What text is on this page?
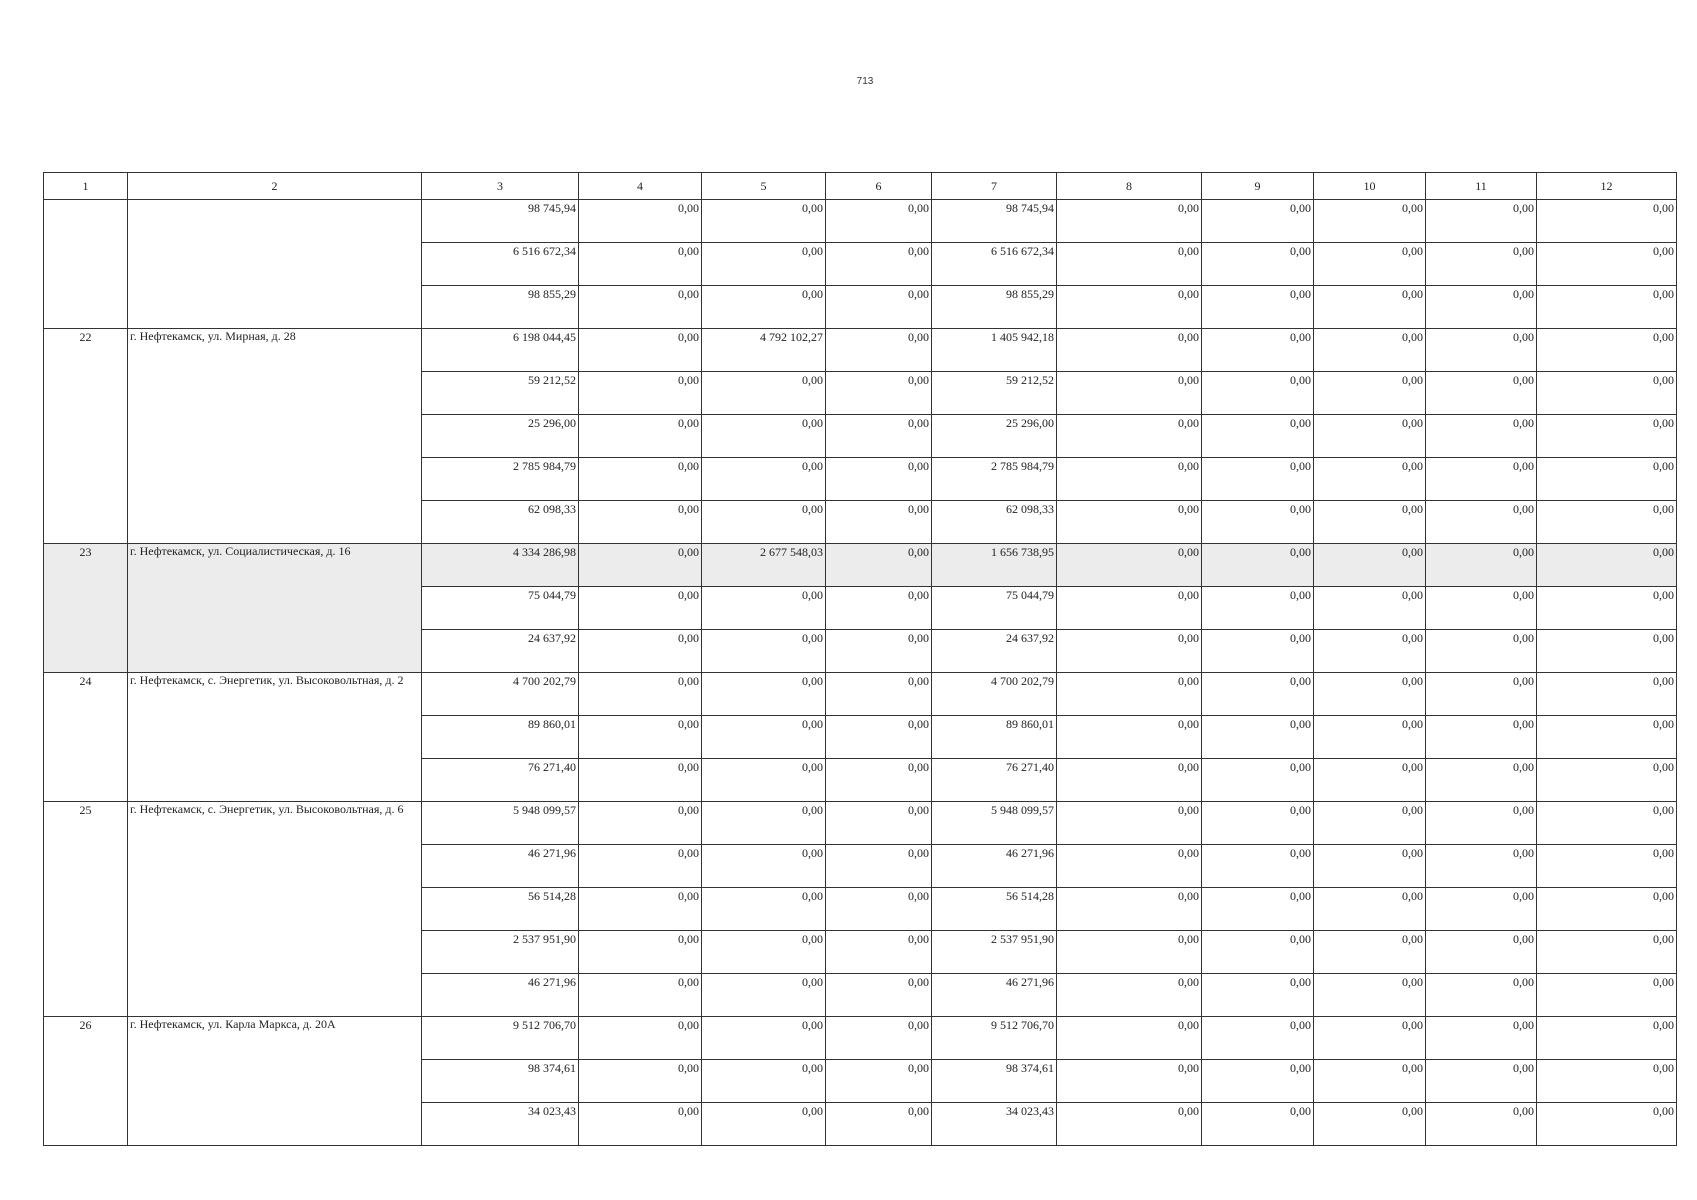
713
1	2	3	4	5	6	7	8	9	10	11	12
		98 745,94	0,00	0,00	0,00	98 745,94	0,00	0,00	0,00	0,00	0,00
		6 516 672,34	0,00	0,00	0,00	6 516 672,34	0,00	0,00	0,00	0,00	0,00
		98 855,29	0,00	0,00	0,00	98 855,29	0,00	0,00	0,00	0,00	0,00
22	г. Нефтекамск, ул. Мирная, д. 28	6 198 044,45	0,00	4 792 102,27	0,00	1 405 942,18	0,00	0,00	0,00	0,00	0,00
		59 212,52	0,00	0,00	0,00	59 212,52	0,00	0,00	0,00	0,00	0,00
		25 296,00	0,00	0,00	0,00	25 296,00	0,00	0,00	0,00	0,00	0,00
		2 785 984,79	0,00	0,00	0,00	2 785 984,79	0,00	0,00	0,00	0,00	0,00
		62 098,33	0,00	0,00	0,00	62 098,33	0,00	0,00	0,00	0,00	0,00
23	г. Нефтекамск, ул. Социалистическая, д. 16	4 334 286,98	0,00	2 677 548,03	0,00	1 656 738,95	0,00	0,00	0,00	0,00	0,00
		75 044,79	0,00	0,00	0,00	75 044,79	0,00	0,00	0,00	0,00	0,00
		24 637,92	0,00	0,00	0,00	24 637,92	0,00	0,00	0,00	0,00	0,00
24	г. Нефтекамск, с. Энергетик, ул. Высоковольтная, д. 2	4 700 202,79	0,00	0,00	0,00	4 700 202,79	0,00	0,00	0,00	0,00	0,00
		89 860,01	0,00	0,00	0,00	89 860,01	0,00	0,00	0,00	0,00	0,00
		76 271,40	0,00	0,00	0,00	76 271,40	0,00	0,00	0,00	0,00	0,00
25	г. Нефтекамск, с. Энергетик, ул. Высоковольтная, д. 6	5 948 099,57	0,00	0,00	0,00	5 948 099,57	0,00	0,00	0,00	0,00	0,00
		46 271,96	0,00	0,00	0,00	46 271,96	0,00	0,00	0,00	0,00	0,00
		56 514,28	0,00	0,00	0,00	56 514,28	0,00	0,00	0,00	0,00	0,00
		2 537 951,90	0,00	0,00	0,00	2 537 951,90	0,00	0,00	0,00	0,00	0,00
		46 271,96	0,00	0,00	0,00	46 271,96	0,00	0,00	0,00	0,00	0,00
26	г. Нефтекамск, ул. Карла Маркса, д. 20А	9 512 706,70	0,00	0,00	0,00	9 512 706,70	0,00	0,00	0,00	0,00	0,00
		98 374,61	0,00	0,00	0,00	98 374,61	0,00	0,00	0,00	0,00	0,00
		34 023,43	0,00	0,00	0,00	34 023,43	0,00	0,00	0,00	0,00	0,00
